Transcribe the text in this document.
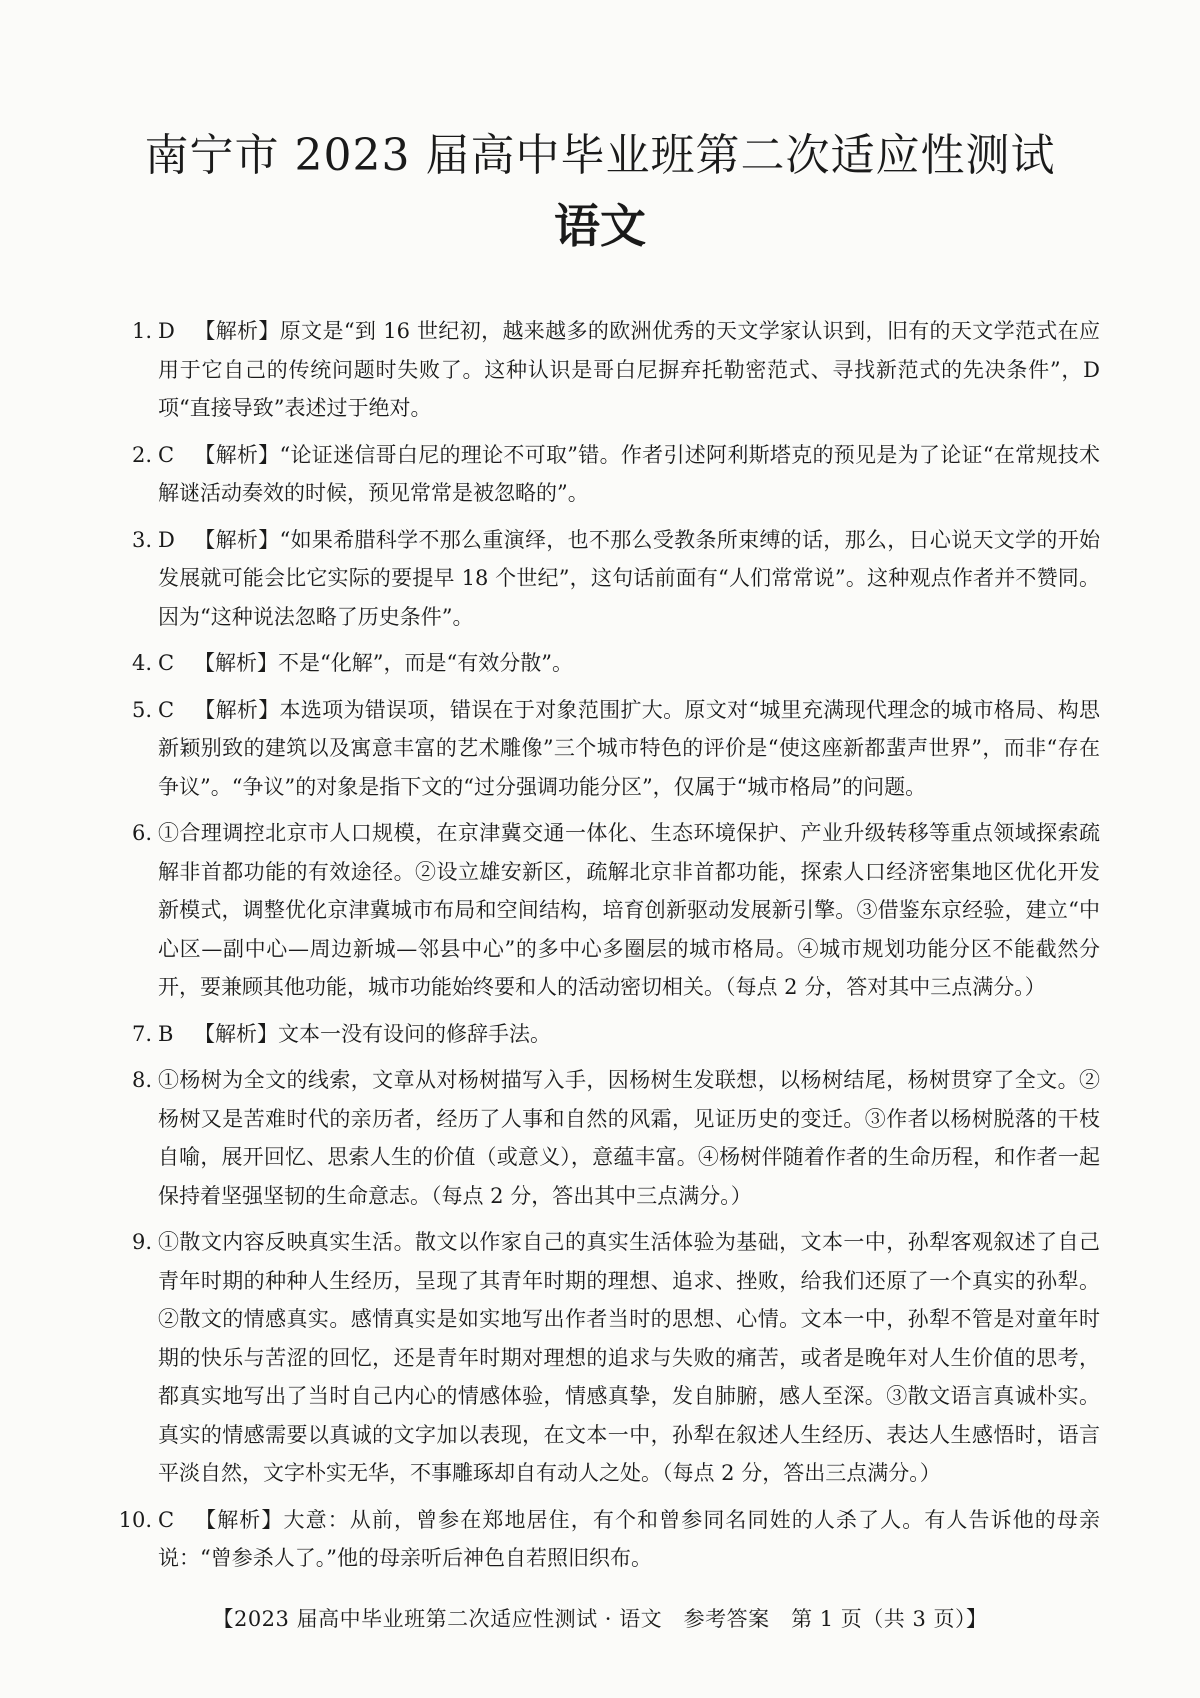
南宁市 2023 届高中毕业班第二次适应性测试
语文
1. D 【解析】原文是“到 16 世纪初，越来越多的欧洲优秀的天文学家认识到，旧有的天文学范式在应用于它自己的传统问题时失败了。这种认识是哥白尼摒弃托勒密范式、寻找新范式的先决条件”，D 项“直接导致”表述过于绝对。
2. C 【解析】“论证迷信哥白尼的理论不可取”错。作者引述阿利斯塔克的预见是为了论证“在常规技术解谜活动奏效的时候，预见常常是被忽略的”。
3. D 【解析】“如果希腊科学不那么重演绎，也不那么受教条所束缚的话，那么，日心说天文学的开始发展就可能会比它实际的要提早 18 个世纪”，这句话前面有“人们常常说”。这种观点作者并不赞同。因为“这种说法忽略了历史条件”。
4. C 【解析】不是“化解”，而是“有效分散”。
5. C 【解析】本选项为错误项，错误在于对象范围扩大。原文对“城里充满现代理念的城市格局、构思新颖别致的建筑以及寓意丰富的艺术雕像”三个城市特色的评价是“使这座新都蜚声世界”，而非“存在争议”。“争议”的对象是指下文的“过分强调功能分区”，仅属于“城市格局”的问题。
6. ①合理调控北京市人口规模，在京津冀交通一体化、生态环境保护、产业升级转移等重点领域探索疏解非首都功能的有效途径。②设立雄安新区，疏解北京非首都功能，探索人口经济密集地区优化开发新模式，调整优化京津冀城市布局和空间结构，培育创新驱动发展新引擎。③借鉴东京经验，建立“中心区—副中心—周边新城—邻县中心”的多中心多圈层的城市格局。④城市规划功能分区不能截然分开，要兼顾其他功能，城市功能始终要和人的活动密切相关。（每点 2 分，答对其中三点满分。）
7. B 【解析】文本一没有设问的修辞手法。
8. ①杨树为全文的线索，文章从对杨树描写入手，因杨树生发联想，以杨树结尾，杨树贯穿了全文。②杨树又是苦难时代的亲历者，经历了人事和自然的风霜，见证历史的变迁。③作者以杨树脱落的干枝自喻，展开回忆、思索人生的价值（或意义），意蕴丰富。④杨树伴随着作者的生命历程，和作者一起保持着坚强坚韧的生命意志。（每点 2 分，答出其中三点满分。）
9. ①散文内容反映真实生活。散文以作家自己的真实生活体验为基础，文本一中，孙犁客观叙述了自己青年时期的种种人生经历，呈现了其青年时期的理想、追求、挫败，给我们还原了一个真实的孙犁。②散文的情感真实。感情真实是如实地写出作者当时的思想、心情。文本一中，孙犁不管是对童年时期的快乐与苦涩的回忆，还是青年时期对理想的追求与失败的痛苦，或者是晚年对人生价值的思考，都真实地写出了当时自己内心的情感体验，情感真挚，发自肺腑，感人至深。③散文语言真诚朴实。真实的情感需要以真诚的文字加以表现，在文本一中，孙犁在叙述人生经历、表达人生感悟时，语言平淡自然，文字朴实无华，不事雕琢却自有动人之处。（每点 2 分，答出三点满分。）
10. C 【解析】大意：从前，曾参在郑地居住，有个和曾参同名同姓的人杀了人。有人告诉他的母亲说：“曾参杀人了。”他的母亲听后神色自若照旧织布。
【2023 届高中毕业班第二次适应性测试 · 语文　参考答案　第 1 页（共 3 页）】
